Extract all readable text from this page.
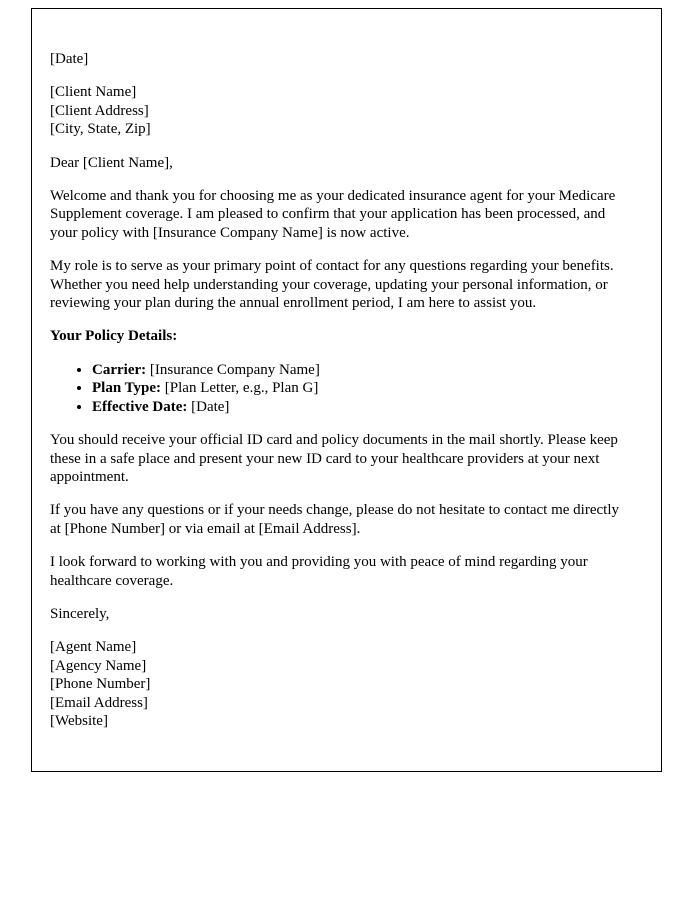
[Date]

[Client Name]
[Client Address]
[City, State, Zip]

Dear [Client Name],

Welcome and thank you for choosing me as your dedicated insurance agent for your Medicare Supplement coverage. I am pleased to confirm that your application has been processed, and your policy with [Insurance Company Name] is now active.

My role is to serve as your primary point of contact for any questions regarding your benefits. Whether you need help understanding your coverage, updating your personal information, or reviewing your plan during the annual enrollment period, I am here to assist you.

Your Policy Details:

• Carrier: [Insurance Company Name]
• Plan Type: [Plan Letter, e.g., Plan G]
• Effective Date: [Date]

You should receive your official ID card and policy documents in the mail shortly. Please keep these in a safe place and present your new ID card to your healthcare providers at your next appointment.

If you have any questions or if your needs change, please do not hesitate to contact me directly at [Phone Number] or via email at [Email Address].

I look forward to working with you and providing you with peace of mind regarding your healthcare coverage.

Sincerely,

[Agent Name]
[Agency Name]
[Phone Number]
[Email Address]
[Website]
